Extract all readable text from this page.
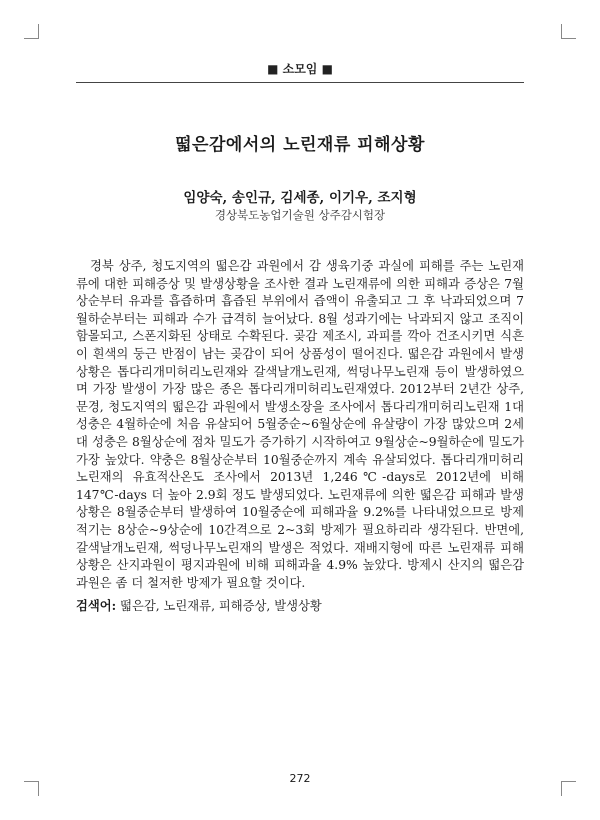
■ 소모임 ■
떫은감에서의 노린재류 피해상황
임양숙, 송인규, 김세종, 이기우, 조지형
경상북도농업기술원 상주감시험장

경북 상주, 청도지역의 떫은감 과원에서 감 생육기중 과실에 피해를 주는 노린재류에 대한 피해증상 및 발생상황을 조사한 결과 노린재류에 의한 피해과 증상은 7월상순부터 유과를 흡즙하며 흡즙된 부위에서 즙액이 유출되고 그 후 낙과되었으며 7월하순부터는 피해과 수가 급격히 늘어났다. 8월 성과기에는 낙과되지 않고 조직이 함몰되고, 스폰지화된 상태로 수확된다. 곶감 제조시, 과피를 깍아 건조시키면 식흔이 흰색의 둥근 반점이 남는 곶감이 되어 상품성이 떨어진다. 떫은감 과원에서 발생상황은 톱다리개미허리노린재와 갈색날개노린재, 썩덩나무노린재 등이 발생하였으며 가장 발생이 가장 많은 종은 톱다리개미허리노린재였다. 2012부터 2년간 상주, 문경, 청도지역의 떫은감 과원에서 발생소장을 조사에서 톱다리개미허리노린재 1대 성충은 4월하순에 처음 유살되어 5월중순~6월상순에 유살량이 가장 많았으며 2세대 성충은 8월상순에 점차 밀도가 증가하기 시작하여고 9월상순~9월하순에 밀도가 가장 높았다. 약충은 8월상순부터 10월중순까지 계속 유살되었다. 톱다리개미허리노린재의 유효적산온도 조사에서 2013년 1,246℃-days로 2012년에 비해 147℃-days 더 높아 2.9회 정도 발생되었다. 노린재류에 의한 떫은감 피해과 발생상황은 8월중순부터 발생하여 10월중순에 피해과율 9.2%를 나타내었으므로 방제적기는 8상순~9상순에 10간격으로 2~3회 방제가 필요하리라 생각된다. 반면에, 갈색날개노린재, 썩덩나무노린재의 발생은 적었다. 재배지형에 따른 노린재류 피해 상황은 산지과원이 평지과원에 비해 피해과율 4.9% 높았다. 방제시 산지의 떫은감 과원은 좀 더 철저한 방제가 필요할 것이다.

검색어: 떫은감, 노린재류, 피해증상, 발생상황
272
